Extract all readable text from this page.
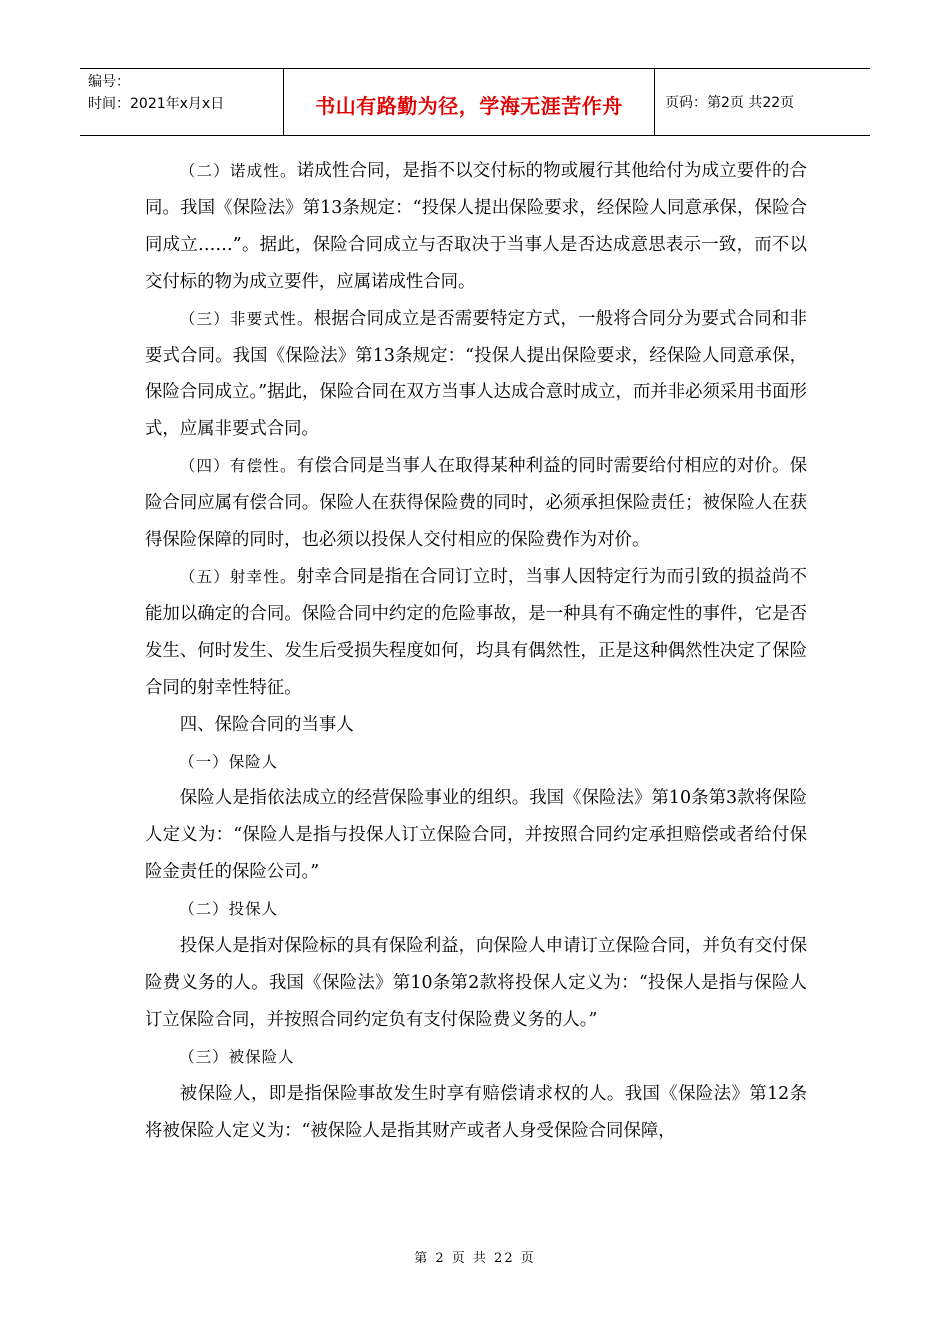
编号：
时间：2021年x月x日	书山有路勤为径，学海无涯苦作舟	页码：第2页 共22页

（二）诺成性。诺成性合同，是指不以交付标的物或履行其他给付为成立要件的合同。我国《保险法》第13条规定：“投保人提出保险要求，经保险人同意承保，保险合同成立……”。据此，保险合同成立与否取决于当事人是否达成意思表示一致，而不以交付标的物为成立要件，应属诺成性合同。

（三）非要式性。根据合同成立是否需要特定方式，一般将合同分为要式合同和非要式合同。我国《保险法》第13条规定：“投保人提出保险要求，经保险人同意承保，保险合同成立。”据此，保险合同在双方当事人达成合意时成立，而并非必须采用书面形式，应属非要式合同。

（四）有偿性。有偿合同是当事人在取得某种利益的同时需要给付相应的对价。保险合同应属有偿合同。保险人在获得保险费的同时，必须承担保险责任；被保险人在获得保险保障的同时，也必须以投保人交付相应的保险费作为对价。

（五）射幸性。射幸合同是指在合同订立时，当事人因特定行为而引致的损益尚不能加以确定的合同。保险合同中约定的危险事故，是一种具有不确定性的事件，它是否发生、何时发生、发生后受损失程度如何，均具有偶然性，正是这种偶然性决定了保险合同的射幸性特征。

四、保险合同的当事人

（一）保险人

保险人是指依法成立的经营保险事业的组织。我国《保险法》第10条第3款将保险人定义为：“保险人是指与投保人订立保险合同，并按照合同约定承担赔偿或者给付保险金责任的保险公司。”

（二）投保人

投保人是指对保险标的具有保险利益，向保险人申请订立保险合同，并负有交付保险费义务的人。我国《保险法》第10条第2款将投保人定义为：“投保人是指与保险人订立保险合同，并按照合同约定负有支付保险费义务的人。”

（三）被保险人

被保险人，即是指保险事故发生时享有赔偿请求权的人。我国《保险法》第12条将被保险人定义为：“被保险人是指其财产或者人身受保险合同保障，

第 2 页 共 22 页
